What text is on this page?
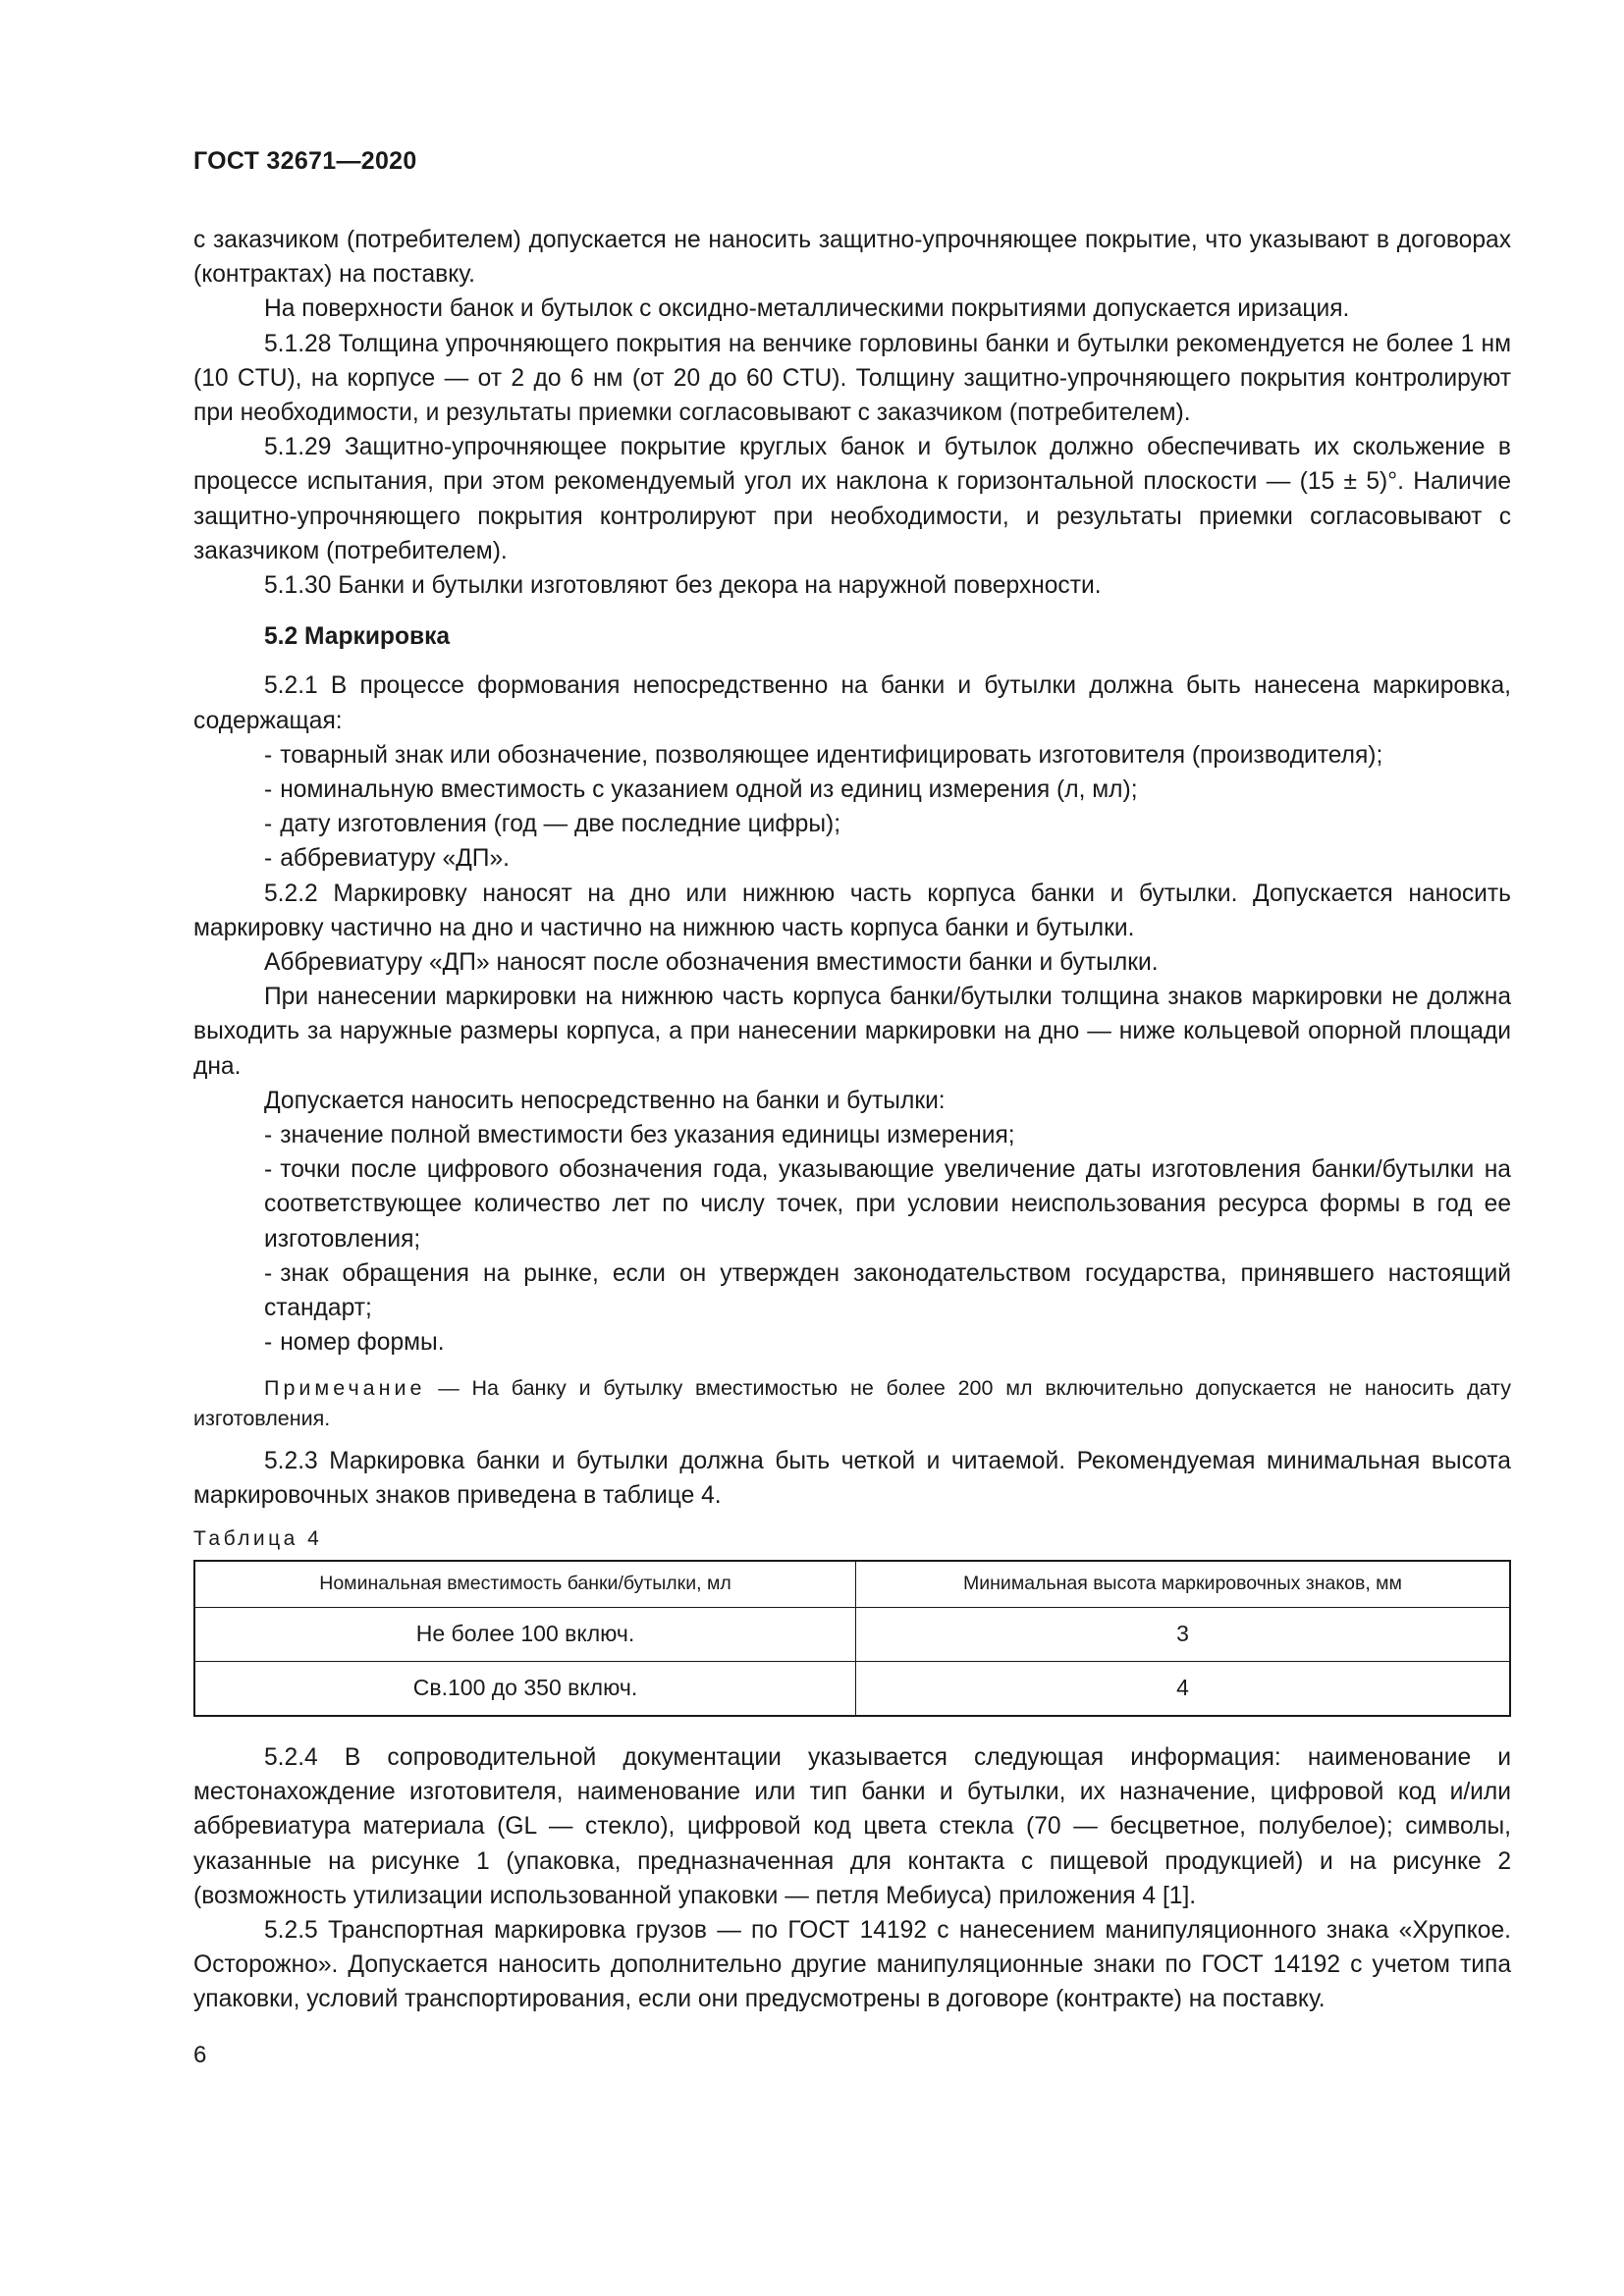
ГОСТ 32671—2020

с заказчиком (потребителем) допускается не наносить защитно-упрочняющее покрытие, что указывают в договорах (контрактах) на поставку.

На поверхности банок и бутылок с оксидно-металлическими покрытиями допускается иризация.

5.1.28 Толщина упрочняющего покрытия на венчике горловины банки и бутылки рекомендуется не более 1 нм (10 CTU), на корпусе — от 2 до 6 нм (от 20 до 60 CTU). Толщину защитно-упрочняющего покрытия контролируют при необходимости, и результаты приемки согласовывают с заказчиком (потребителем).

5.1.29 Защитно-упрочняющее покрытие круглых банок и бутылок должно обеспечивать их скольжение в процессе испытания, при этом рекомендуемый угол их наклона к горизонтальной плоскости — (15 ± 5)°. Наличие защитно-упрочняющего покрытия контролируют при необходимости, и результаты приемки согласовывают с заказчиком (потребителем).

5.1.30 Банки и бутылки изготовляют без декора на наружной поверхности.

5.2 Маркировка

5.2.1 В процессе формования непосредственно на банки и бутылки должна быть нанесена маркировка, содержащая:

- товарный знак или обозначение, позволяющее идентифицировать изготовителя (производителя);

- номинальную вместимость с указанием одной из единиц измерения (л, мл);

- дату изготовления (год — две последние цифры);

- аббревиатуру «ДП».

5.2.2 Маркировку наносят на дно или нижнюю часть корпуса банки и бутылки. Допускается наносить маркировку частично на дно и частично на нижнюю часть корпуса банки и бутылки.

Аббревиатуру «ДП» наносят после обозначения вместимости банки и бутылки.

При нанесении маркировки на нижнюю часть корпуса банки/бутылки толщина знаков маркировки не должна выходить за наружные размеры корпуса, а при нанесении маркировки на дно — ниже кольцевой опорной площади дна.

Допускается наносить непосредственно на банки и бутылки:

- значение полной вместимости без указания единицы измерения;

- точки после цифрового обозначения года, указывающие увеличение даты изготовления банки/бутылки на соответствующее количество лет по числу точек, при условии неиспользования ресурса формы в год ее изготовления;

- знак обращения на рынке, если он утвержден законодательством государства, принявшего настоящий стандарт;

- номер формы.

Примечание — На банку и бутылку вместимостью не более 200 мл включительно допускается не наносить дату изготовления.

5.2.3 Маркировка банки и бутылки должна быть четкой и читаемой. Рекомендуемая минимальная высота маркировочных знаков приведена в таблице 4.

Таблица 4

Номинальная вместимость банки/бутылки, мл	Минимальная высота маркировочных знаков, мм
Не более 100 включ.	3
Св.100 до 350 включ.	4

5.2.4 В сопроводительной документации указывается следующая информация: наименование и местонахождение изготовителя, наименование или тип банки и бутылки, их назначение, цифровой код и/или аббревиатура материала (GL — стекло), цифровой код цвета стекла (70 — бесцветное, полубелое); символы, указанные на рисунке 1 (упаковка, предназначенная для контакта с пищевой продукцией) и на рисунке 2 (возможность утилизации использованной упаковки — петля Мебиуса) приложения 4 [1].

5.2.5 Транспортная маркировка грузов — по ГОСТ 14192 с нанесением манипуляционного знака «Хрупкое. Осторожно». Допускается наносить дополнительно другие манипуляционные знаки по ГОСТ 14192 с учетом типа упаковки, условий транспортирования, если они предусмотрены в договоре (контракте) на поставку.

6
